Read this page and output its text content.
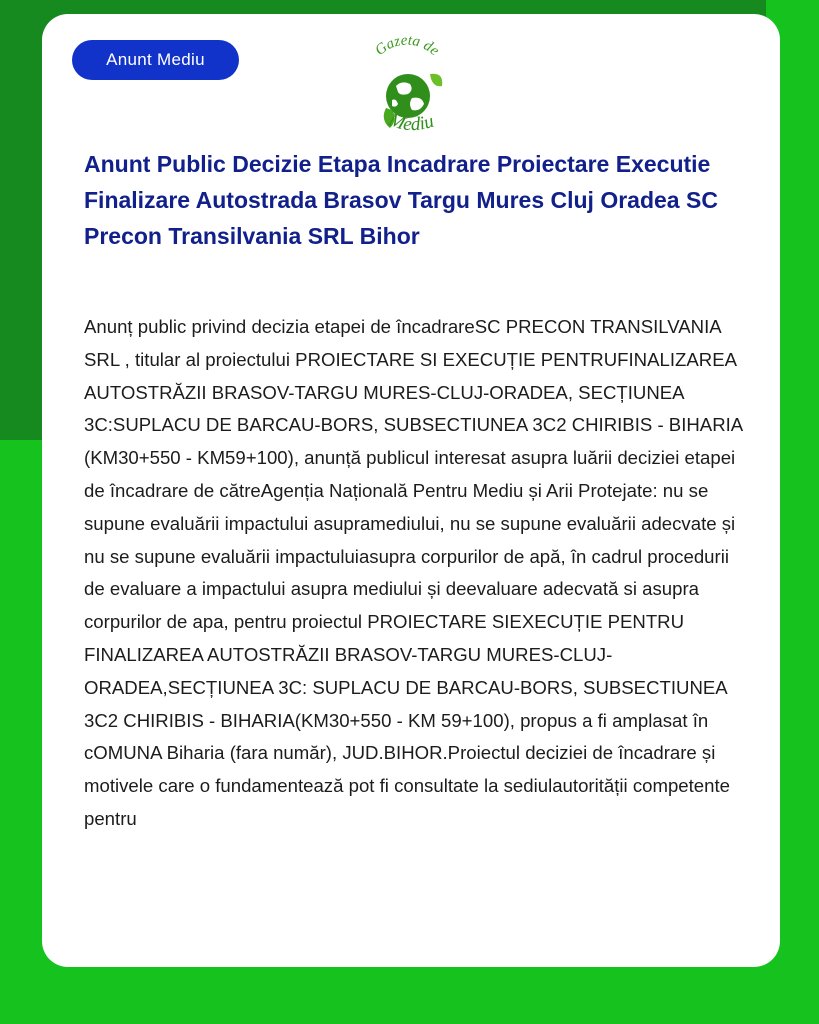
Anunt Mediu
Gazeta de
Mediu
Anunt Public Decizie Etapa Incadrare Proiectare Executie Finalizare Autostrada Brasov Targu Mures Cluj Oradea SC Precon Transilvania SRL Bihor

Anunț public privind decizia etapei de încadrareSC PRECON TRANSILVANIA SRL , titular al proiectului PROIECTARE SI EXECUȚIE PENTRUFINALIZAREA AUTOSTRĂZII BRASOV-TARGU MURES-CLUJ-ORADEA, SECȚIUNEA 3C:SUPLACU DE BARCAU-BORS, SUBSECTIUNEA 3C2 CHIRIBIS - BIHARIA (KM30+550 - KM59+100), anunță publicul interesat asupra luării deciziei etapei de încadrare de cătreAgenția Națională Pentru Mediu și Arii Protejate: nu se supune evaluării impactului asupramediului, nu se supune evaluării adecvate și nu se supune evaluării impactuluiasupra corpurilor de apă, în cadrul procedurii de evaluare a impactului asupra mediului și deevaluare adecvată si asupra corpurilor de apa, pentru proiectul PROIECTARE SIEXECUȚIE PENTRU FINALIZAREA AUTOSTRĂZII BRASOV-TARGU MURES-CLUJ-ORADEA,SECȚIUNEA 3C: SUPLACU DE BARCAU-BORS, SUBSECTIUNEA 3C2 CHIRIBIS - BIHARIA(KM30+550 - KM 59+100), propus a fi amplasat în cOMUNA Biharia (fara număr), JUD.BIHOR.Proiectul deciziei de încadrare și motivele care o fundamentează pot fi consultate la sediulautorității competente pentru
